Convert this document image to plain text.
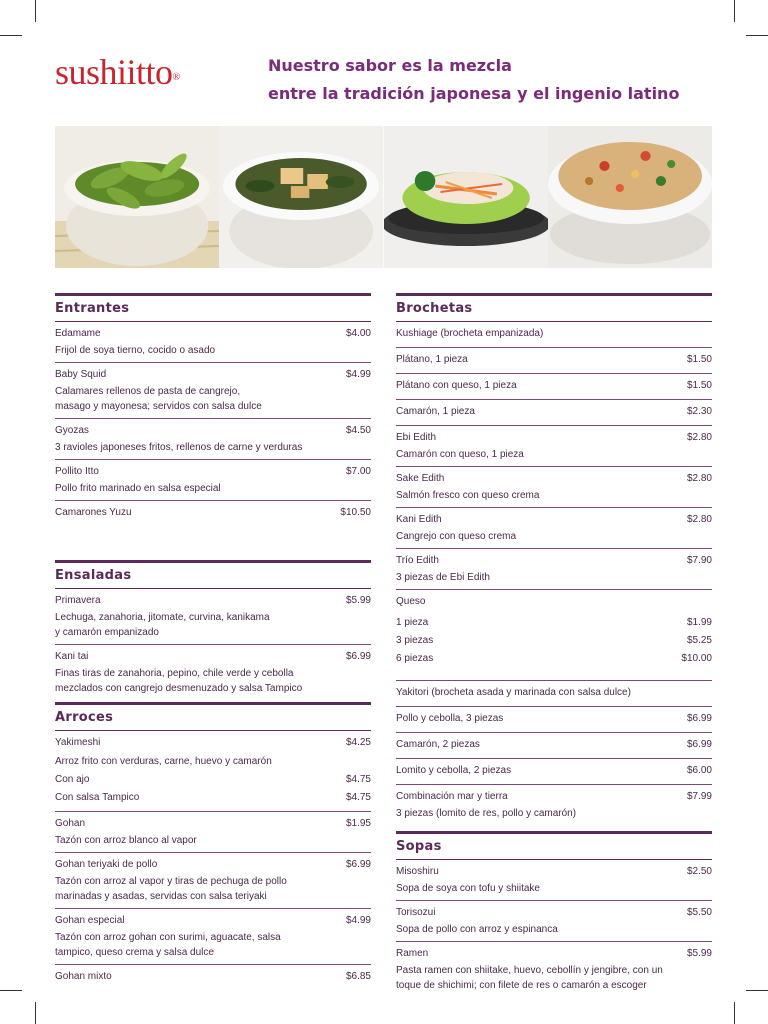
sushiitto®
Nuestro sabor es la mezcla
entre la tradición japonesa y el ingenio latino
Entrantes
Edamame	$4.00
Frijol de soya tierno, cocido o asado
Baby Squid	$4.99
Calamares rellenos de pasta de cangrejo,
masago y mayonesa; servidos con salsa dulce
Gyozas	$4.50
3 ravioles japoneses fritos, rellenos de carne y verduras
Pollito Itto	$7.00
Pollo frito marinado en salsa especial
Camarones Yuzu	$10.50
Ensaladas
Primavera	$5.99
Lechuga, zanahoria, jitomate, curvina, kanikama
y camarón empanizado
Kani tai	$6.99
Finas tiras de zanahoria, pepino, chile verde y cebolla
mezclados con cangrejo desmenuzado y salsa Tampico
Arroces
Yakimeshi	$4.25
Arroz frito con verduras, carne, huevo y camarón
Con ajo	$4.75
Con salsa Tampico	$4.75
Gohan	$1.95
Tazón con arroz blanco al vapor
Gohan teriyaki de pollo	$6.99
Tazón con arroz al vapor y tiras de pechuga de pollo
marinadas y asadas, servidas con salsa teriyaki
Gohan especial	$4.99
Tazón con arroz gohan con surimi, aguacate, salsa
tampico, queso crema y salsa dulce
Gohan mixto	$6.85
Brochetas
Kushiage (brocheta empanizada)
Plátano, 1 pieza	$1.50
Plátano con queso, 1 pieza	$1.50
Camarón, 1 pieza	$2.30
Ebi Edith	$2.80
Camarón con queso, 1 pieza
Sake Edith	$2.80
Salmón fresco con queso crema
Kani Edith	$2.80
Cangrejo con queso crema
Trío Edith	$7.90
3 piezas de Ebi Edith
Queso
1 pieza	$1.99
3 piezas	$5.25
6 piezas	$10.00
Yakitori (brocheta asada y marinada con salsa dulce)
Pollo y cebolla, 3 piezas	$6.99
Camarón, 2 piezas	$6.99
Lomito y cebolla, 2 piezas	$6.00
Combinación mar y tierra	$7.99
3 piezas (lomito de res, pollo y camarón)
Sopas
Misoshiru	$2.50
Sopa de soya con tofu y shiitake
Torisozui	$5.50
Sopa de pollo con arroz y espinanca
Ramen	$5.99
Pasta ramen con shiitake, huevo, cebollín y jengibre, con un
toque de shichimi; con filete de res o camarón a escoger
